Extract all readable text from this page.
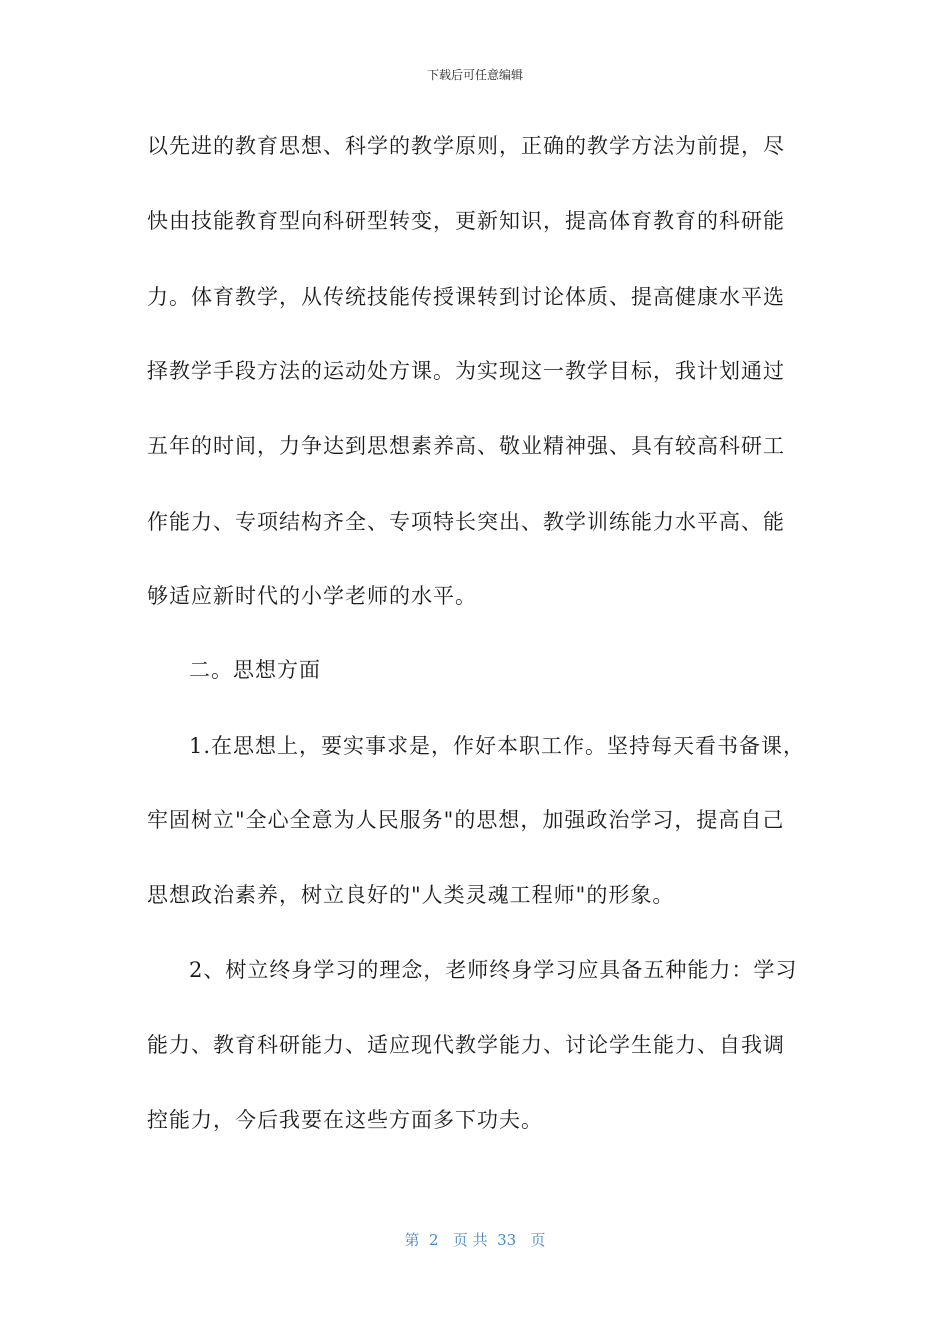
下载后可任意编辑
以先进的教育思想、科学的教学原则，正确的教学方法为前提，尽
快由技能教育型向科研型转变，更新知识，提高体育教育的科研能
力。体育教学，从传统技能传授课转到讨论体质、提高健康水平选
择教学手段方法的运动处方课。为实现这一教学目标，我计划通过
五年的时间，力争达到思想素养高、敬业精神强、具有较高科研工
作能力、专项结构齐全、专项特长突出、教学训练能力水平高、能
够适应新时代的小学老师的水平。
二。思想方面
1.在思想上，要实事求是，作好本职工作。坚持每天看书备课，
牢固树立"全心全意为人民服务"的思想，加强政治学习，提高自己
思想政治素养，树立良好的"人类灵魂工程师"的形象。
2、树立终身学习的理念，老师终身学习应具备五种能力：学习
能力、教育科研能力、适应现代教学能力、讨论学生能力、自我调
控能力，今后我要在这些方面多下功夫。
第  2   页 共  33   页
